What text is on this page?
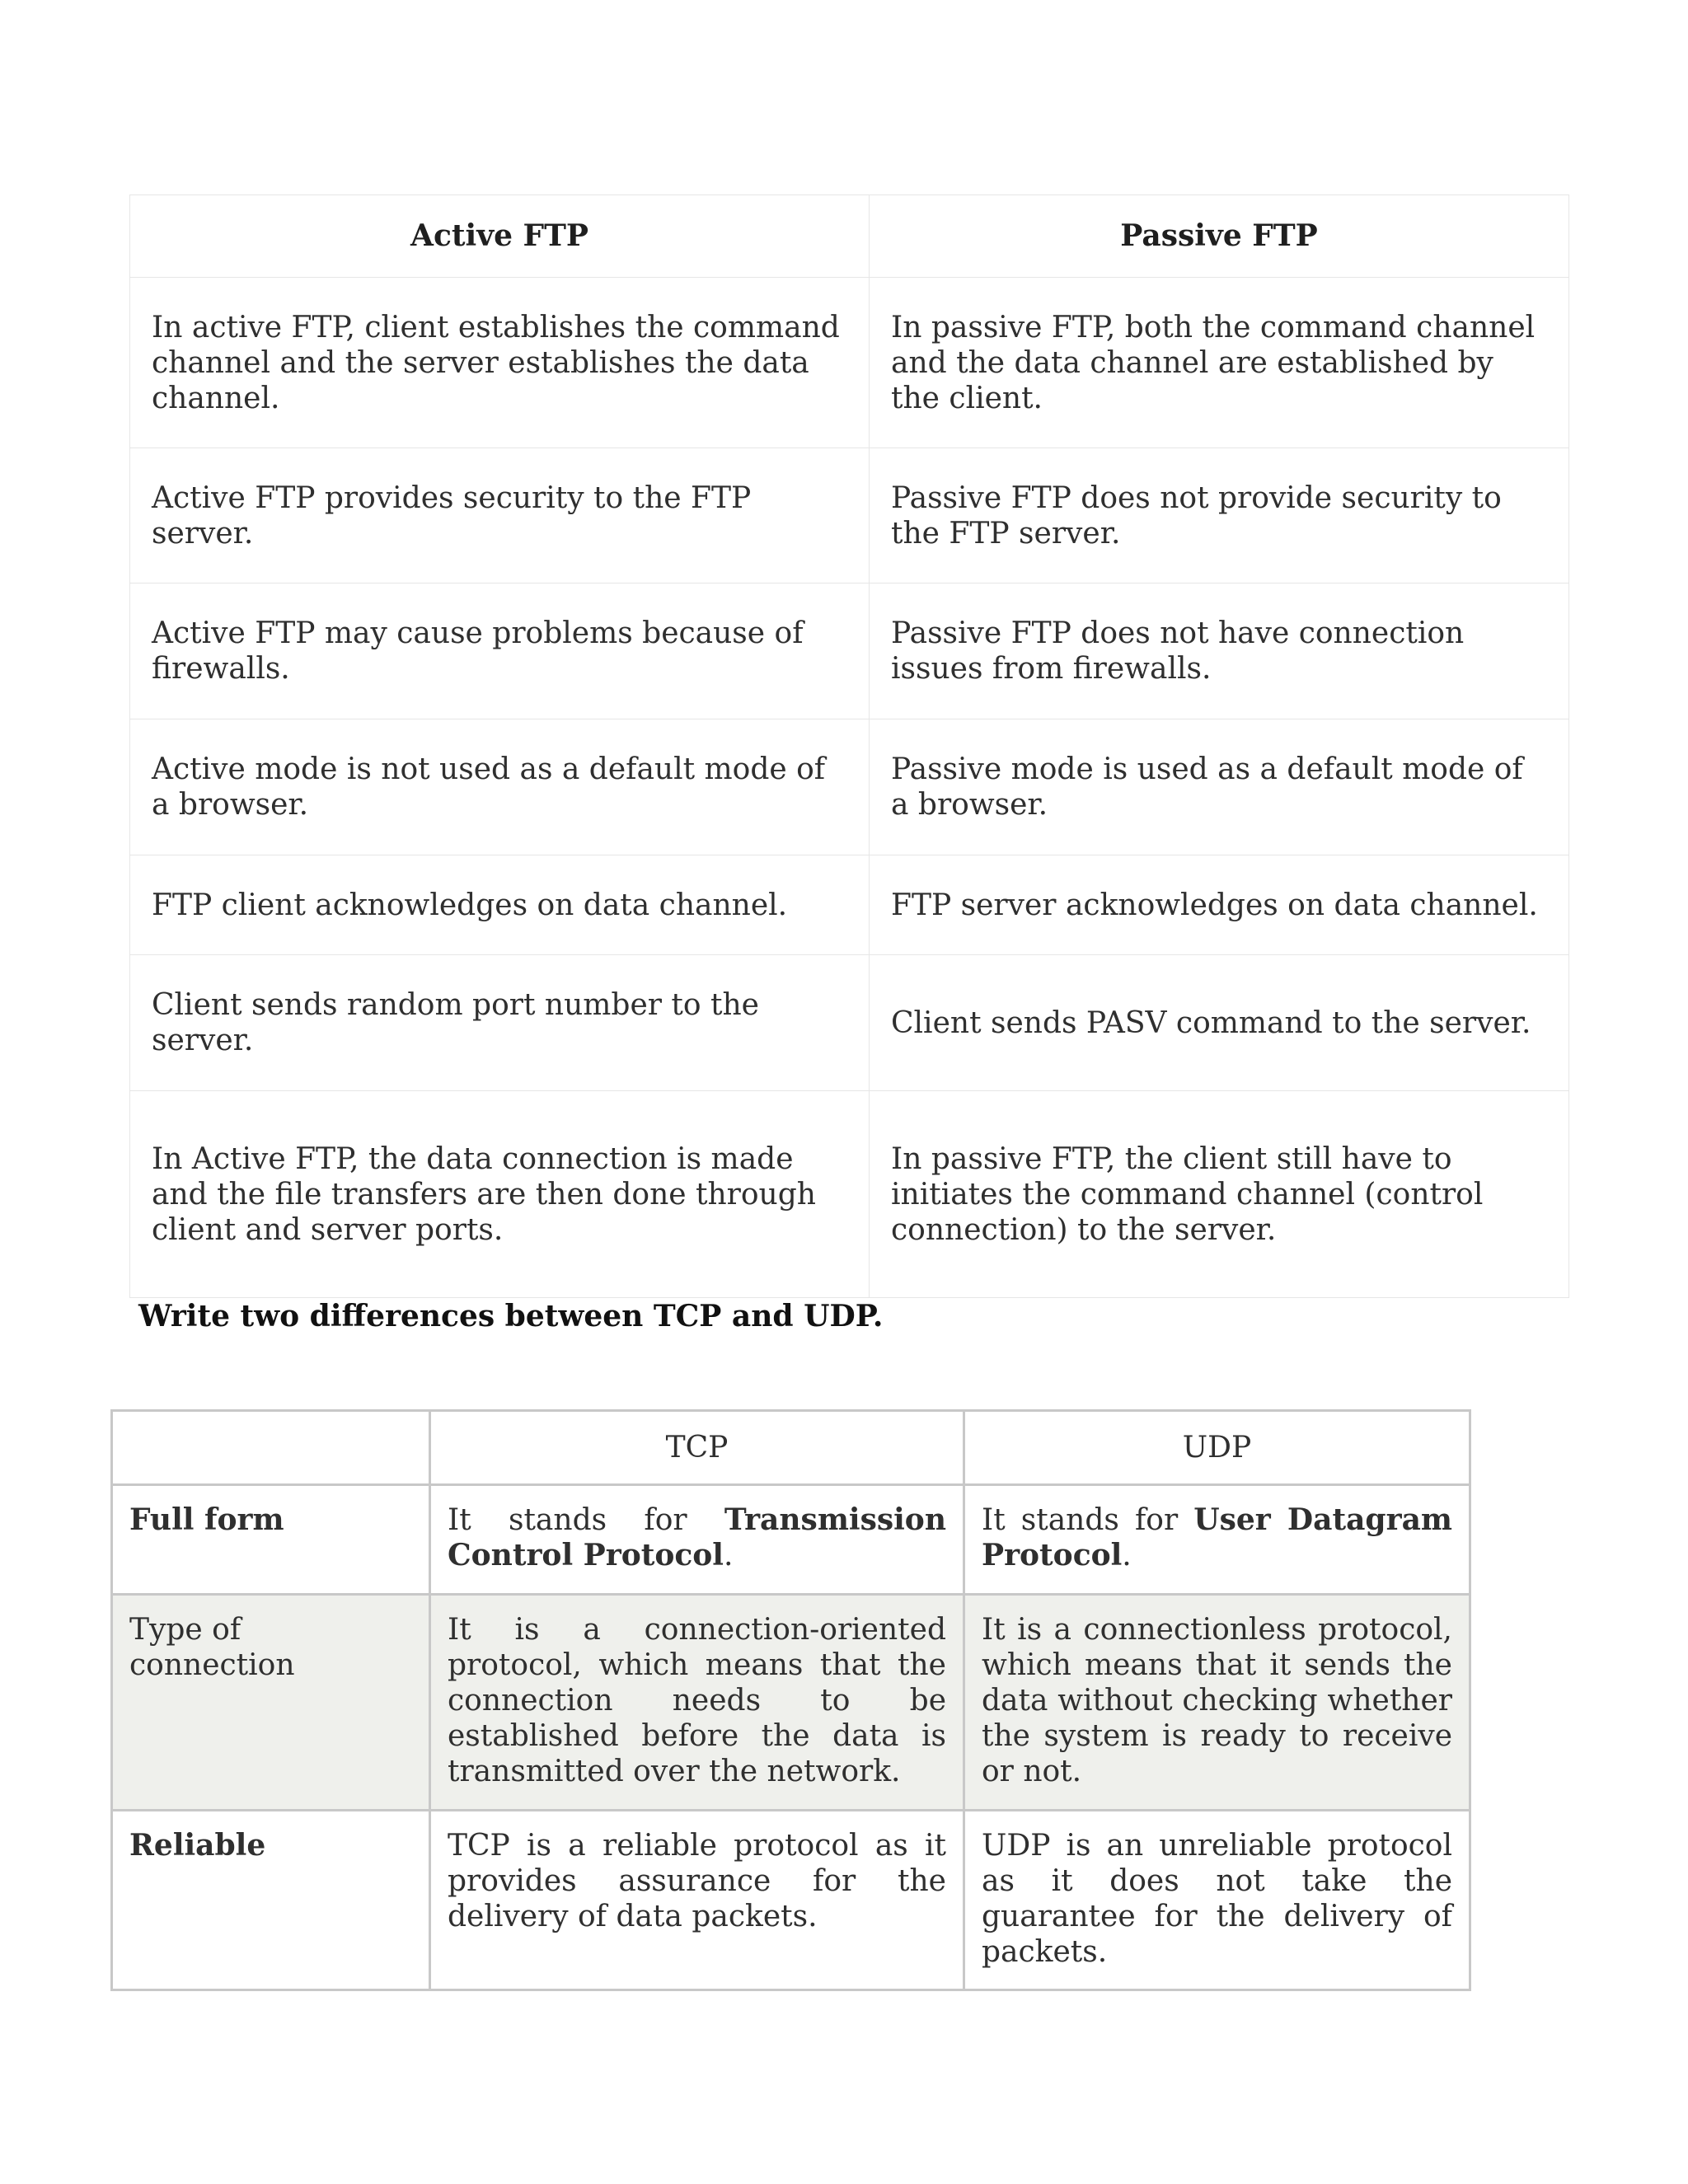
Active FTP	Passive FTP
In active FTP, client establishes the command channel and the server establishes the data channel.	In passive FTP, both the command channel and the data channel are established by the client.
Active FTP provides security to the FTP server.	Passive FTP does not provide security to the FTP server.
Active FTP may cause problems because of firewalls.	Passive FTP does not have connection issues from firewalls.
Active mode is not used as a default mode of a browser.	Passive mode is used as a default mode of a browser.
FTP client acknowledges on data channel.	FTP server acknowledges on data channel.
Client sends random port number to the server.	Client sends PASV command to the server.
In Active FTP, the data connection is made and the file transfers are then done through client and server ports.	In passive FTP, the client still have to initiates the command channel (control connection) to the server.

Write two differences between TCP and UDP.

	TCP	UDP
Full form	It stands for Transmission Control Protocol.	It stands for User Datagram Protocol.
Type of connection	It is a connection-oriented protocol, which means that the connection needs to be established before the data is transmitted over the network.	It is a connectionless protocol, which means that it sends the data without checking whether the system is ready to receive or not.
Reliable	TCP is a reliable protocol as it provides assurance for the delivery of data packets.	UDP is an unreliable protocol as it does not take the guarantee for the delivery of packets.
